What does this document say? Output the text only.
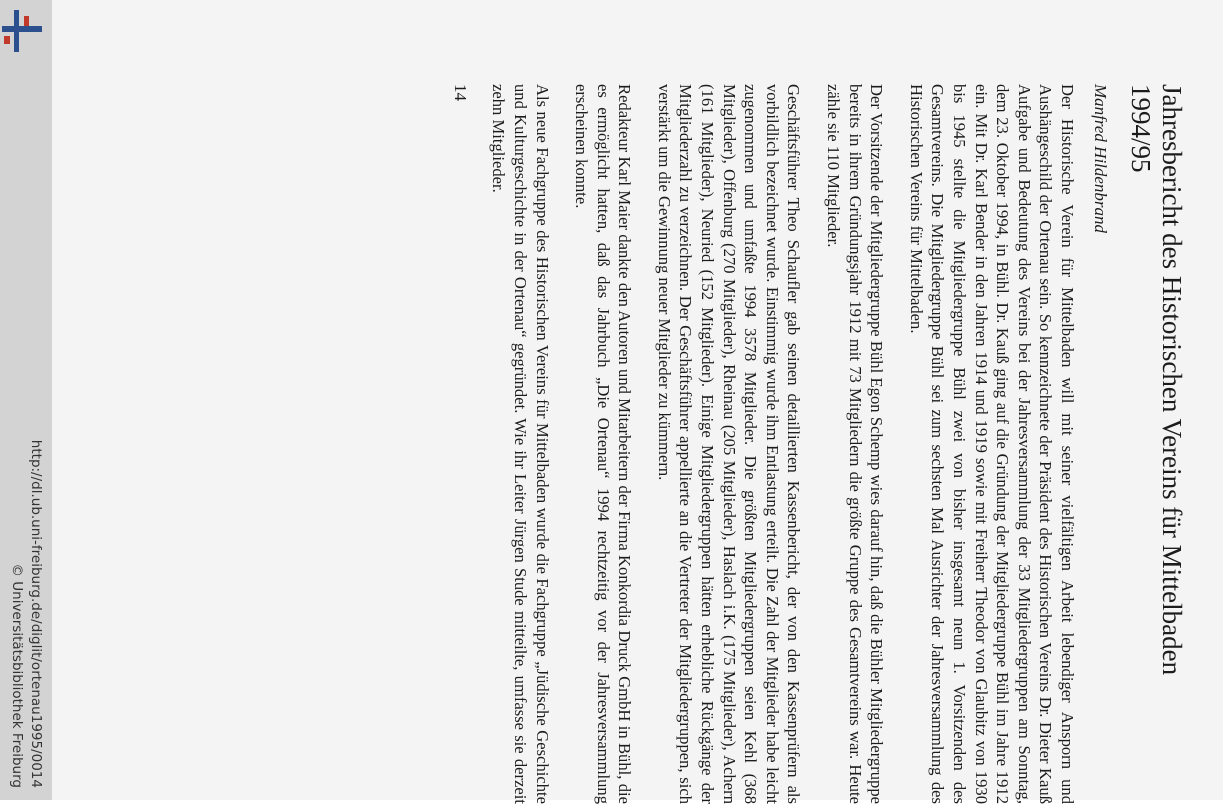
http://dl.ub.uni-freiburg.de/diglit/ortenau1995/0014
© Universitätsbibliothek Freiburg
Jahresbericht des Historischen Vereins für Mittelbaden
1994/95
Manfred Hildenbrand

Der Historische Verein für Mittelbaden will mit seiner vielfältigen Arbeit lebendiger Ansporn und Aushängeschild der Ortenau sein. So kennzeichnete der Präsident des Historischen Vereins Dr. Dieter Kauß Aufgabe und Bedeutung des Vereins bei der Jahresversammlung der 33 Mitgliedergruppen am Sonntag, dem 23. Oktober 1994, in Bühl. Dr. Kauß ging auf die Gründung der Mitgliedergruppe Bühl im Jahre 1912 ein. Mit Dr. Karl Bender in den Jahren 1914 und 1919 sowie mit Freiherr Theodor von Glaubitz von 1930 bis 1945 stellte die Mitgliedergruppe Bühl zwei von bisher insgesamt neun 1. Vorsitzenden des Gesamtvereins. Die Mitgliedergruppe Bühl sei zum sechsten Mal Ausrichter der Jahresversammlung des Historischen Vereins für Mittelbaden.

Der Vorsitzende der Mitgliedergruppe Bühl Egon Schemp wies darauf hin, daß die Bühler Mitgliedergruppe bereits in ihrem Gründungsjahr 1912 mit 73 Mitgliedern die größte Gruppe des Gesamtvereins war. Heute zähle sie 110 Mitglieder.

Geschäftsführer Theo Schaufler gab seinen detaillierten Kassenbericht, der von den Kassenprüfern als vorbildlich bezeichnet wurde. Einstimmig wurde ihm Entlastung erteilt. Die Zahl der Mitglieder habe leicht zugenommen und umfaßte 1994 3578 Mitglieder. Die größten Mitgliedergruppen seien Kehl (368 Mitglieder), Offenburg (270 Mitglieder), Rheinau (205 Mitglieder), Haslach i.K. (175 Mitglieder), Achern (161 Mitglieder), Neuried (152 Mitglieder). Einige Mitgliedergruppen hätten erhebliche Rückgänge der Mitgliederzahl zu verzeichnen. Der Geschäftsführer appellierte an die Vertreter der Mitgliedergruppen, sich verstärkt um die Gewinnung neuer Mitglieder zu kümmern.

Redakteur Karl Maier dankte den Autoren und Mitarbeitern der Firma Konkordia Druck GmbH in Bühl, die es ermöglicht hatten, daß das Jahrbuch „Die Ortenau“ 1994 rechtzeitig vor der Jahresversammlung erscheinen konnte.

Als neue Fachgruppe des Historischen Vereins für Mittelbaden wurde die Fachgruppe „Jüdische Geschichte und Kulturgeschichte in der Ortenau“ gegründet. Wie ihr Leiter Jürgen Stude mitteilte, umfasse sie derzeit zehn Mitglieder.

14
